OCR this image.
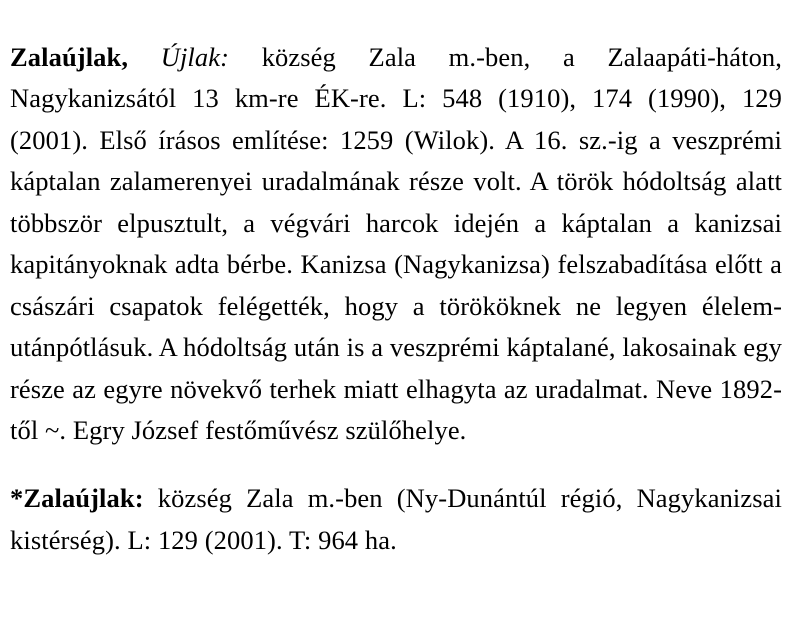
Zalaújlak, Újlak: község Zala m.-ben, a Zalaapáti-háton, Nagykanizsától 13 km-re ÉK-re. L: 548 (1910), 174 (1990), 129 (2001). Első írásos említése: 1259 (Wilok). A 16. sz.-ig a veszprémi káptalan zalamerenyei uradalmának része volt. A török hódoltság alatt többször elpusztult, a végvári harcok idején a káptalan a kanizsai kapitányoknak adta bérbe. Kanizsa (Nagykanizsa) felszabadítása előtt a császári csapatok felégették, hogy a törököknek ne legyen élelem-utánpótlásuk. A hódoltság után is a veszprémi káptalané, lakosainak egy része az egyre növekvő terhek miatt elhagyta az uradalmat. Neve 1892-től ~. Egry József festőművész szülőhelye.

*Zalaújlak: község Zala m.-ben (Ny-Dunántúl régió, Nagykanizsai kistérség). L: 129 (2001). T: 964 ha.
